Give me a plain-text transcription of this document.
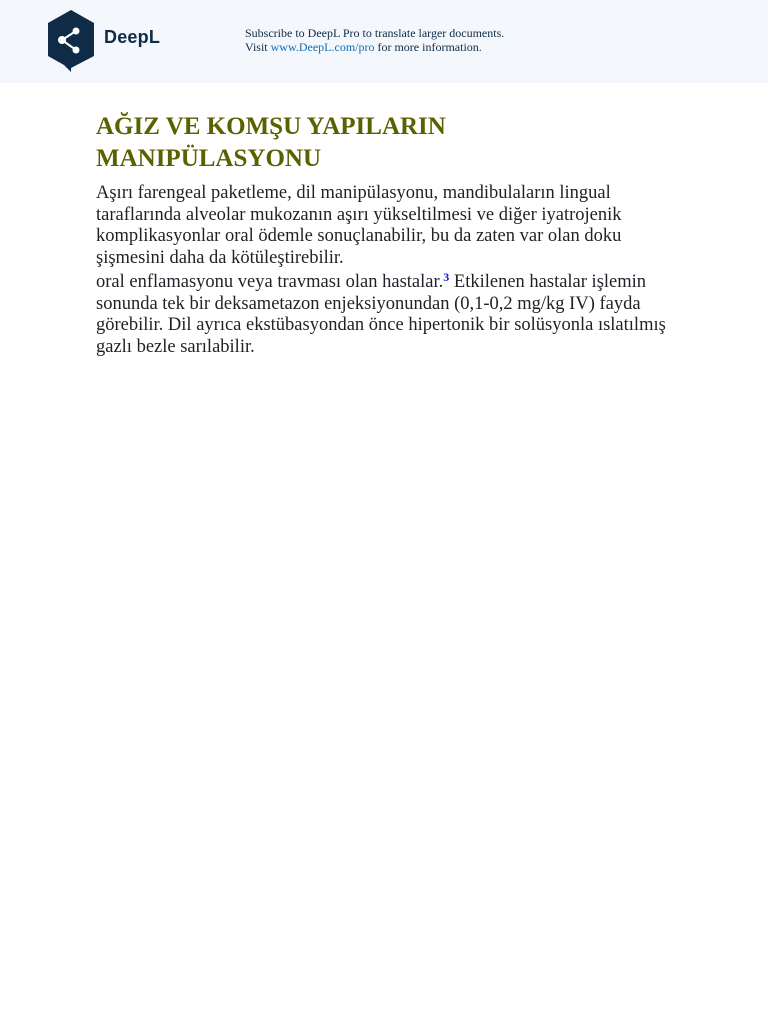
DeepL	Subscribe to DeepL Pro to translate larger documents.
Visit www.DeepL.com/pro for more information.
AĞIZ VE KOMŞU YAPILARIN MANIPÜLASYONU

Aşırı farengeal paketleme, dil manipülasyonu, mandibulaların lingual taraflarında alveolar mukozanın aşırı yükseltilmesi ve diğer iyatrojenik komplikasyonlar oral ödemle sonuçlanabilir, bu da zaten var olan doku şişmesini daha da kötüleştirebilir.

oral enflamasyonu veya travması olan hastalar.$^3$ Etkilenen hastalar işlemin sonunda tek bir deksametazon enjeksiyonundan (0,1-0,2 mg/kg IV) fayda görebilir. Dil ayrıca ekstübasyondan önce hipertonik bir solüsyonla ıslatılmış gazlı bezle sarılabilir.
